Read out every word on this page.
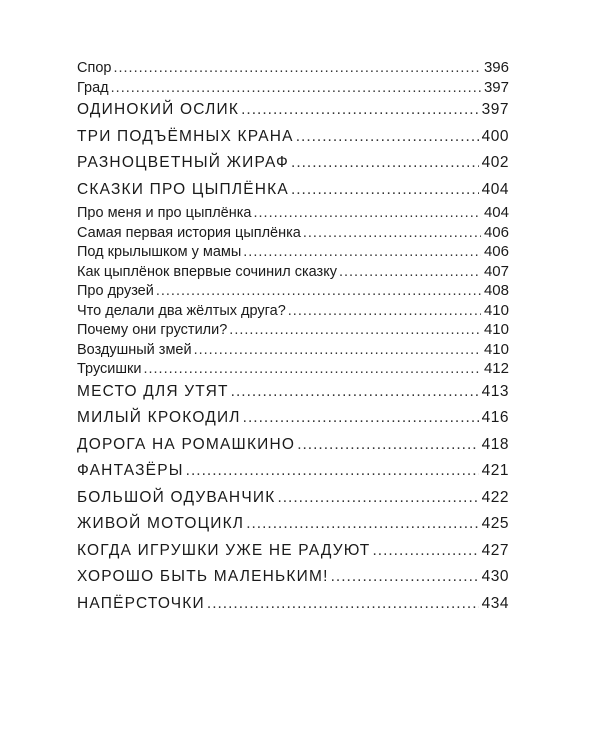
Спор .....	396
Град .....	397
ОДИНОКИЙ ОСЛИК .....	397
ТРИ ПОДЪЁМНЫХ КРАНА .....	400
РАЗНОЦВЕТНЫЙ ЖИРАФ .....	402
СКАЗКИ ПРО ЦЫПЛЁНКА .....	404
Про меня и про цыплёнка .....	404
Самая первая история цыплёнка .....	406
Под крылышком у мамы .....	406
Как цыплёнок впервые сочинил сказку .....	407
Про друзей .....	408
Что делали два жёлтых друга? .....	410
Почему они грустили? .....	410
Воздушный змей .....	410
Трусишки .....	412
МЕСТО ДЛЯ УТЯТ .....	413
МИЛЫЙ КРОКОДИЛ .....	416
ДОРОГА НА РОМАШКИНО .....	418
ФАНТАЗЁРЫ .....	421
БОЛЬШОЙ ОДУВАНЧИК .....	422
ЖИВОЙ МОТОЦИКЛ .....	425
КОГДА ИГРУШКИ УЖЕ НЕ РАДУЮТ .....	427
ХОРОШО БЫТЬ МАЛЕНЬКИМ! .....	430
НАПЁРСТОЧКИ .....	434
